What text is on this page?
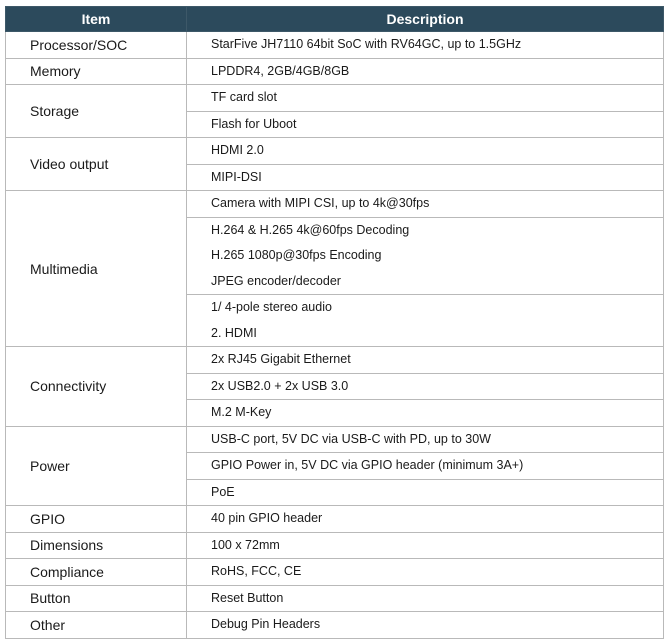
Item	Description
Processor/SOC	StarFive JH7110 64bit SoC with RV64GC, up to 1.5GHz

Memory	LPDDR4, 2GB/4GB/8GB

Storage	TF card slot

	Flash for Uboot

Video output	HDMI 2.0

	MIPI-DSI

Multimedia	Camera with MIPI CSI, up to 4k@30fps

	H.264 & H.265 4k@60fps Decoding
H.265 1080p@30fps Encoding
JPEG encoder/decoder

	1/ 4-pole stereo audio
2. HDMI

Connectivity	2x RJ45 Gigabit Ethernet

	2x USB2.0 + 2x USB 3.0

	M.2 M-Key

Power	USB-C port, 5V DC via USB-C with PD, up to 30W

	GPIO Power in, 5V DC via GPIO header (minimum 3A+)

	PoE

GPIO	40 pin GPIO header

Dimensions	100 x 72mm

Compliance	RoHS, FCC, CE

Button	Reset Button

Other	Debug Pin Headers
